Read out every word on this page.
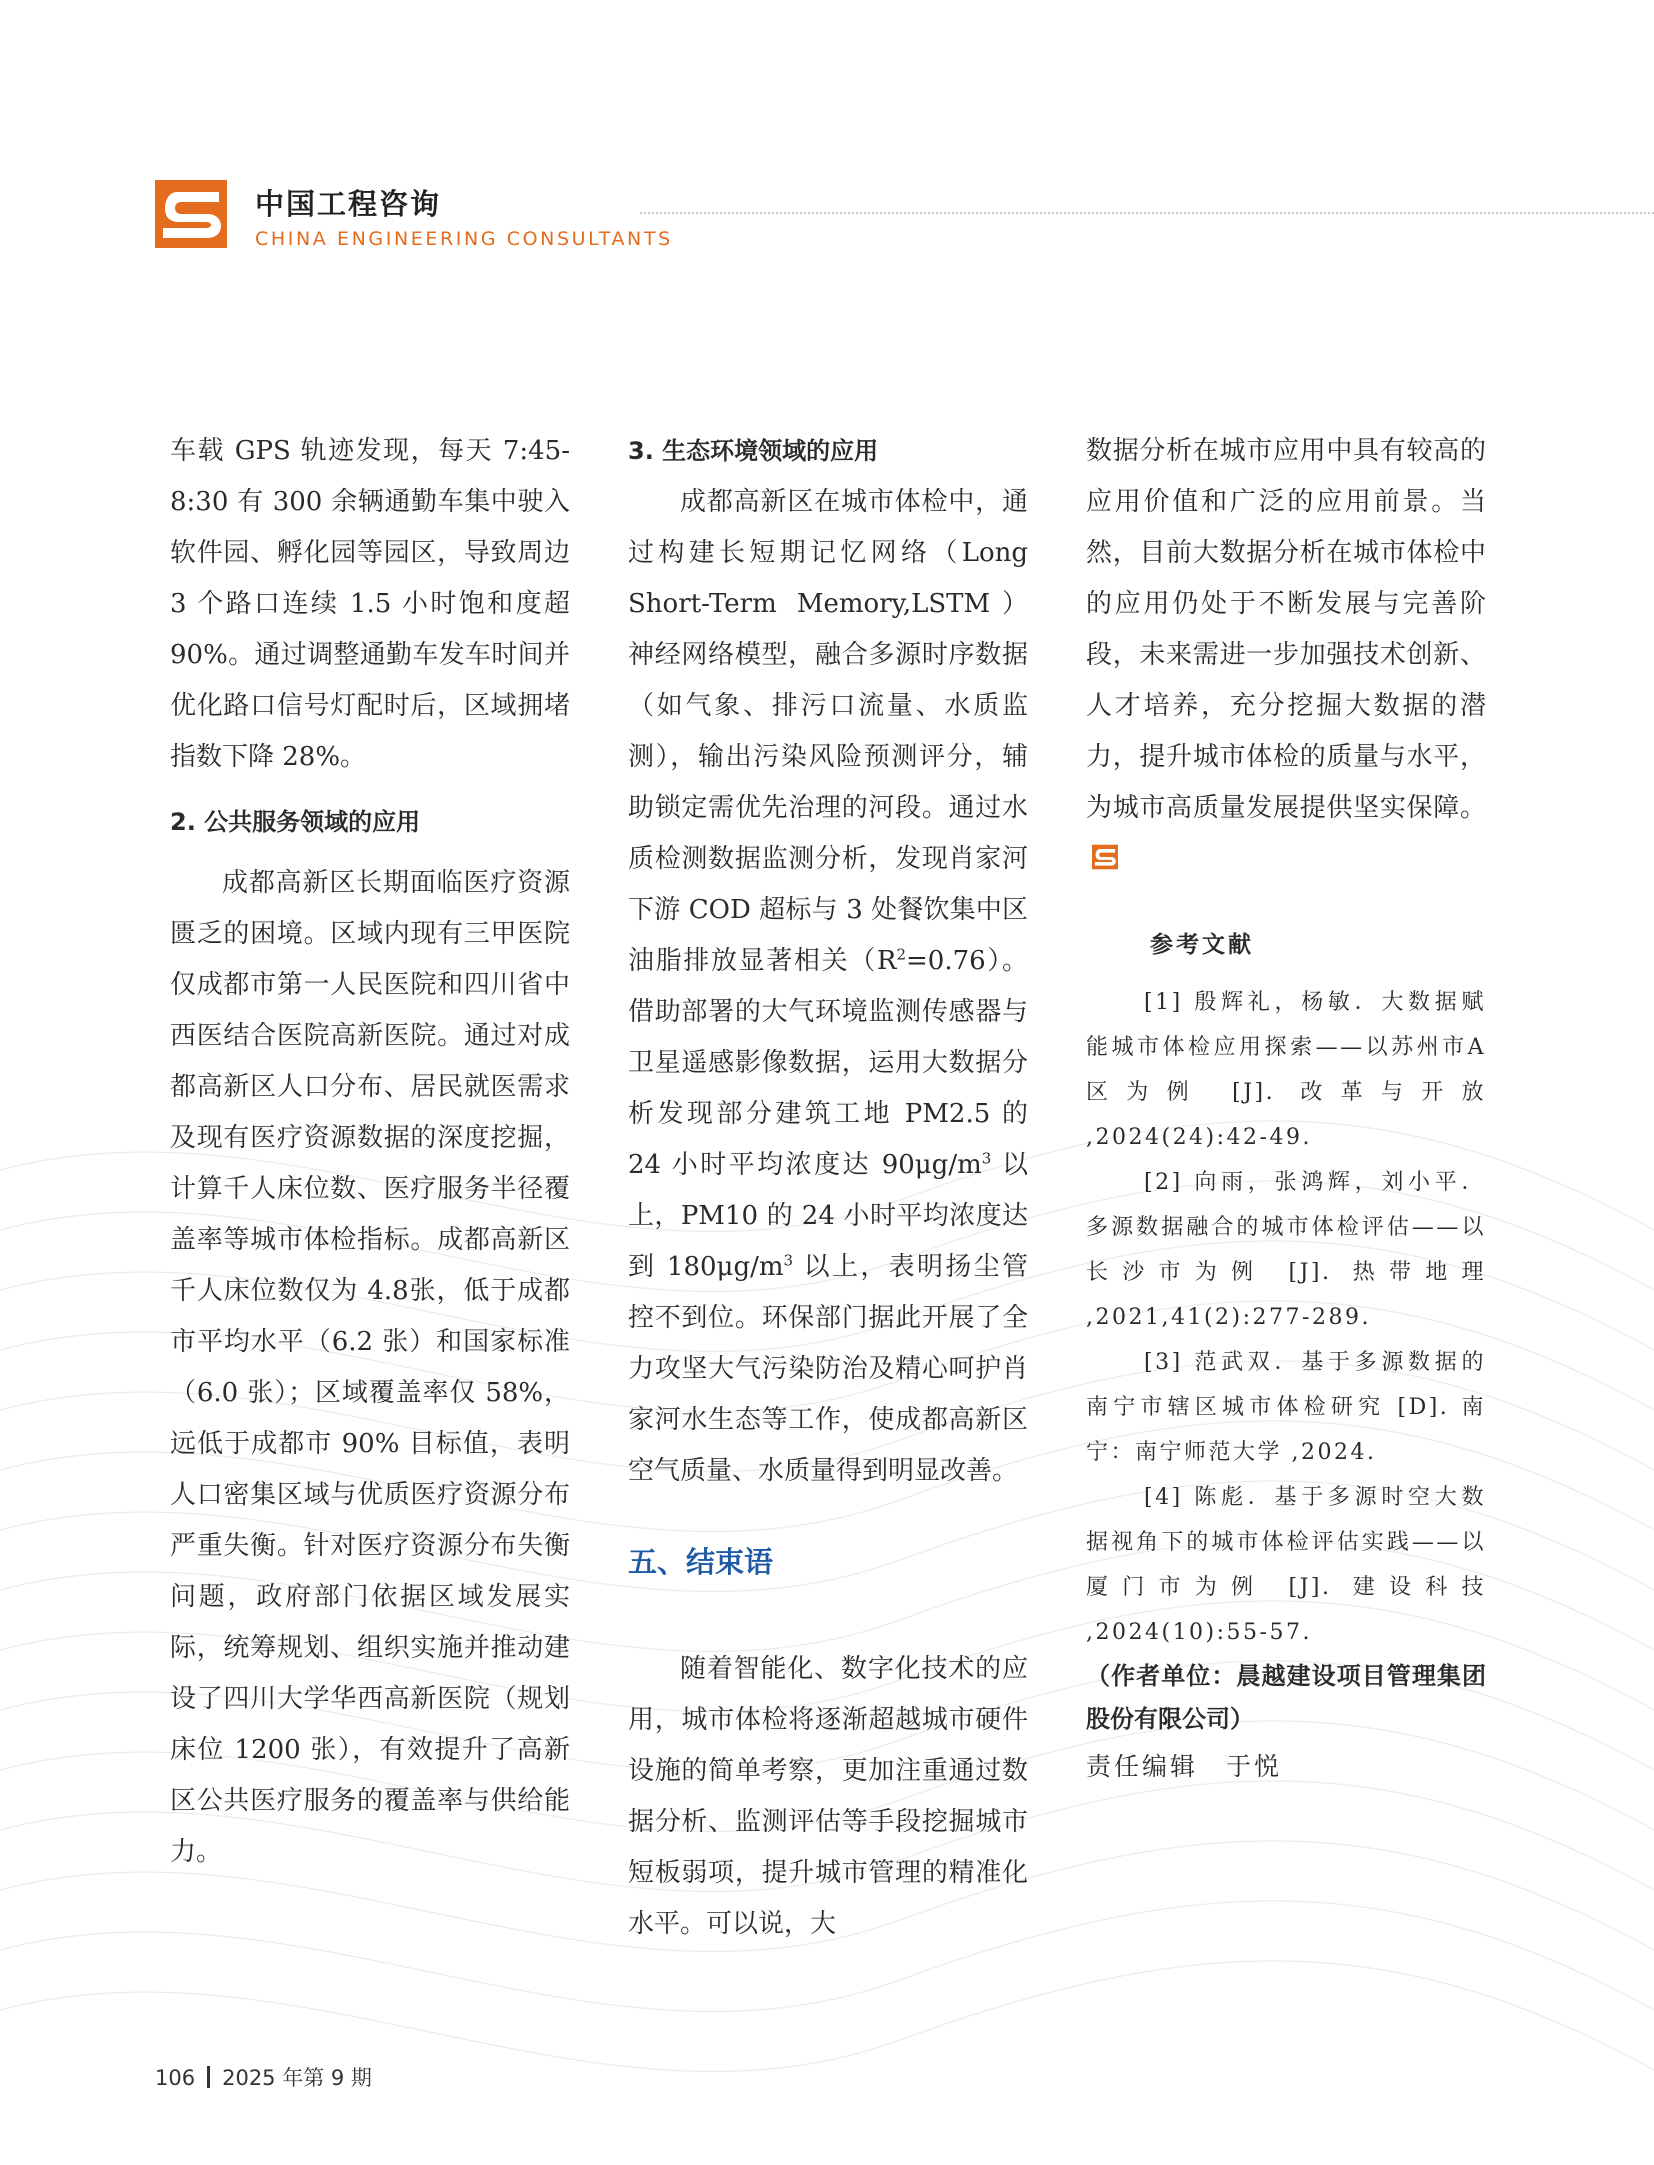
中国工程咨询
CHINA ENGINEERING CONSULTANTS

车载 GPS 轨迹发现，每天 7:45-8:30 有 300 余辆通勤车集中驶入软件园、孵化园等园区，导致周边 3 个路口连续 1.5 小时饱和度超 90%。通过调整通勤车发车时间并优化路口信号灯配时后，区域拥堵指数下降 28%。

2. 公共服务领域的应用

成都高新区长期面临医疗资源匮乏的困境。区域内现有三甲医院仅成都市第一人民医院和四川省中西医结合医院高新医院。通过对成都高新区人口分布、居民就医需求及现有医疗资源数据的深度挖掘，计算千人床位数、医疗服务半径覆盖率等城市体检指标。成都高新区千人床位数仅为 4.8张，低于成都市平均水平（6.2 张）和国家标准（6.0 张）；区域覆盖率仅 58%，远低于成都市 90% 目标值，表明人口密集区域与优质医疗资源分布严重失衡。针对医疗资源分布失衡问题，政府部门依据区域发展实际，统筹规划、组织实施并推动建设了四川大学华西高新医院（规划床位 1200 张），有效提升了高新区公共医疗服务的覆盖率与供给能力。

3. 生态环境领域的应用

成都高新区在城市体检中，通过构建长短期记忆网络（Long Short-Term Memory,LSTM）神经网络模型，融合多源时序数据（如气象、排污口流量、水质监测），输出污染风险预测评分，辅助锁定需优先治理的河段。通过水质检测数据监测分析，发现肖家河下游 COD 超标与 3 处餐饮集中区油脂排放显著相关$(R^2=0.76)$。借助部署的大气环境监测传感器与卫星遥感影像数据，运用大数据分析发现部分建筑工地 PM2.5 的 24 小时平均浓度达 $90\mu g/m^3$ 以上，PM10 的 24 小时平均浓度达到 $180\mu g/m^3$ 以上，表明扬尘管控不到位。环保部门据此开展了全力攻坚大气污染防治及精心呵护肖家河水生态等工作，使成都高新区空气质量、水质量得到明显改善。

五、结束语

随着智能化、数字化技术的应用，城市体检将逐渐超越城市硬件设施的简单考察，更加注重通过数据分析、监测评估等手段挖掘城市短板弱项，提升城市管理的精准化水平。可以说，大

数据分析在城市应用中具有较高的应用价值和广泛的应用前景。当然，目前大数据分析在城市体检中的应用仍处于不断发展与完善阶段，未来需进一步加强技术创新、人才培养，充分挖掘大数据的潜力，提升城市体检的质量与水平，为城市高质量发展提供坚实保障。

参考文献

[1] 殷辉礼，杨敏．大数据赋能城市体检应用探索——以苏州市A区为例 [J]. 改革与开放 ,2024(24):42-49.

[2] 向雨，张鸿辉，刘小平．多源数据融合的城市体检评估——以长沙市为例 [J]. 热带地理 ,2021,41(2):277-289.

[3] 范武双．基于多源数据的南宁市辖区城市体检研究 [D]. 南宁：南宁师范大学 ,2024.

[4] 陈彪．基于多源时空大数据视角下的城市体检评估实践——以厦门市为例 [J]. 建设科技 ,2024(10):55-57.

（作者单位：晨越建设项目管理集团股份有限公司）

责任编辑　于悦

106 2025 年第 9 期
